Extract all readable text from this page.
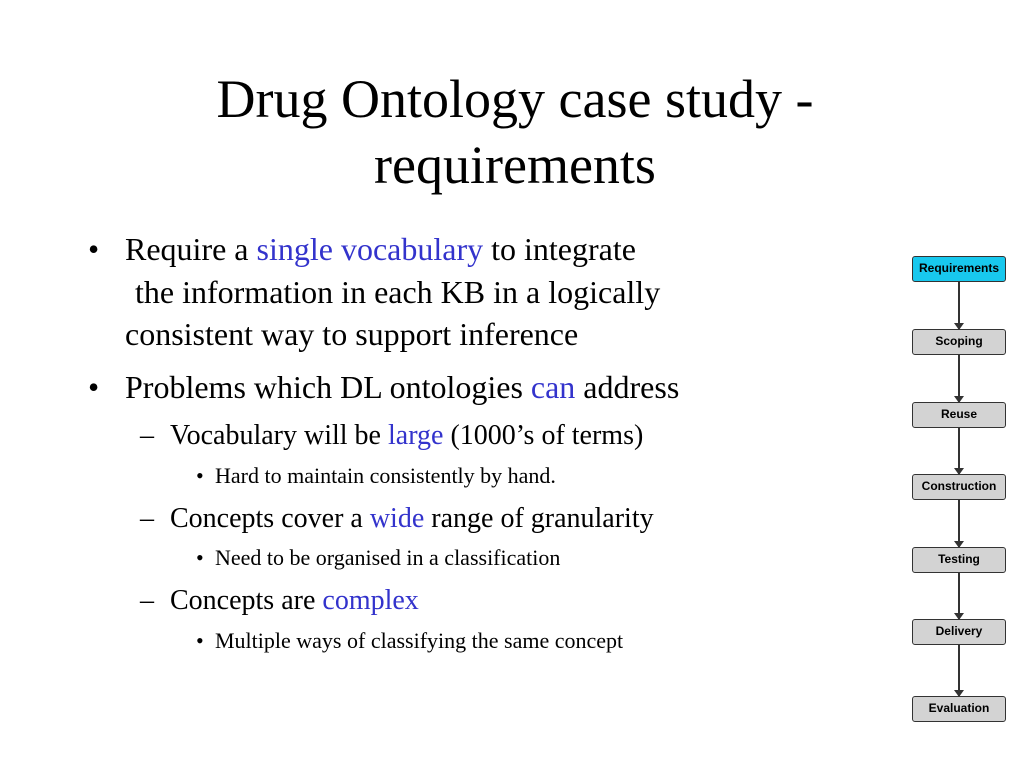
Drug Ontology case study - requirements
• Require a single vocabulary to integrate
the information in each KB in a logically
consistent way to support inference
• Problems which DL ontologies can address
– Vocabulary will be large (1000’s of terms)
• Hard to maintain consistently by hand.
– Concepts cover a wide range of granularity
• Need to be organised in a classification
– Concepts are complex
• Multiple ways of classifying the same concept
Requirements
Scoping
Reuse
Construction
Testing
Delivery
Evaluation
